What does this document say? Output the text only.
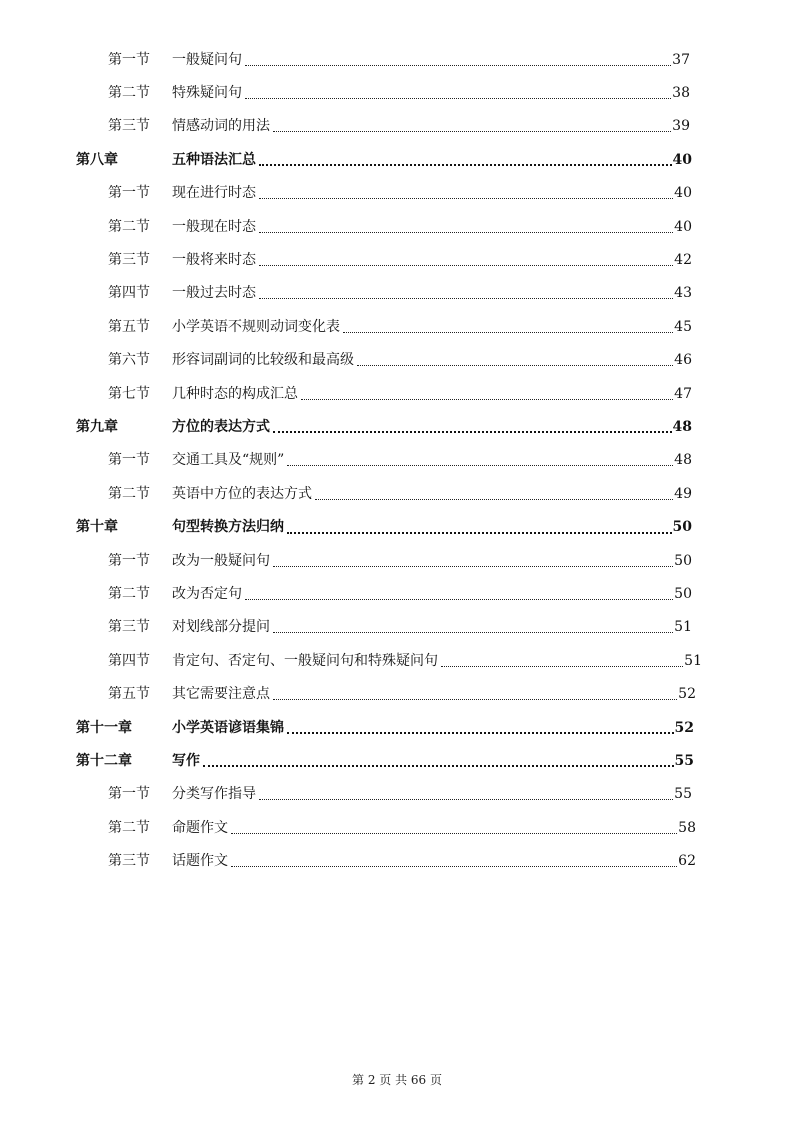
第一节 一般疑问句	37
第二节 特殊疑问句	38
第三节 情感动词的用法	39
第八章	五种语法汇总	40
第一节 现在进行时态	40
第二节 一般现在时态	40
第三节 一般将来时态	42
第四节 一般过去时态	43
第五节 小学英语不规则动词变化表	45
第六节 形容词副词的比较级和最高级	46
第七节 几种时态的构成汇总	47
第九章	方位的表达方式	48
第一节 交通工具及“规则”	48
第二节 英语中方位的表达方式	49
第十章	句型转换方法归纳	50
第一节 改为一般疑问句	50
第二节 改为否定句	50
第三节 对划线部分提问	51
第四节 肯定句、否定句、一般疑问句和特殊疑问句	51
第五节 其它需要注意点	52
第十一章	小学英语谚语集锦	52
第十二章	写作	55
第一节 分类写作指导	55
第二节 命题作文	58
第三节 话题作文	62
第 2 页 共 66 页
